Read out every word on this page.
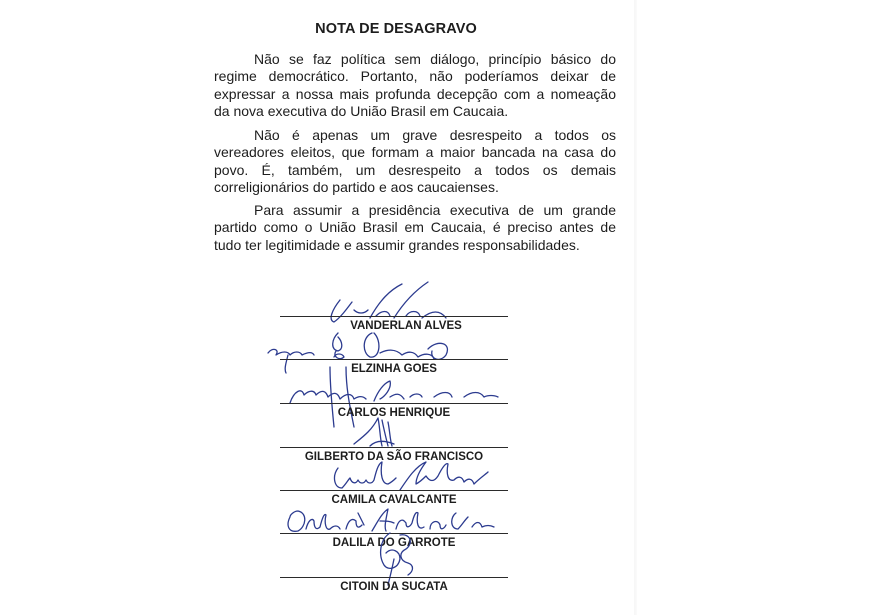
NOTA DE DESAGRAVO

Não se faz política sem diálogo, princípio básico do regime democrático. Portanto, não poderíamos deixar de expressar a nossa mais profunda decepção com a nomeação da nova executiva do União Brasil em Caucaia.

Não é apenas um grave desrespeito a todos os vereadores eleitos, que formam a maior bancada na casa do povo. É, também, um desrespeito a todos os demais correligionários do partido e aos caucaienses.

Para assumir a presidência executiva de um grande partido como o União Brasil em Caucaia, é preciso antes de tudo ter legitimidade e assumir grandes responsabilidades.

VANDERLAN ALVES
ELZINHA GOES
CARLOS HENRIQUE
GILBERTO DA SÃO FRANCISCO
CAMILA CAVALCANTE
DALILA DO GARROTE
CITOIN DA SUCATA
